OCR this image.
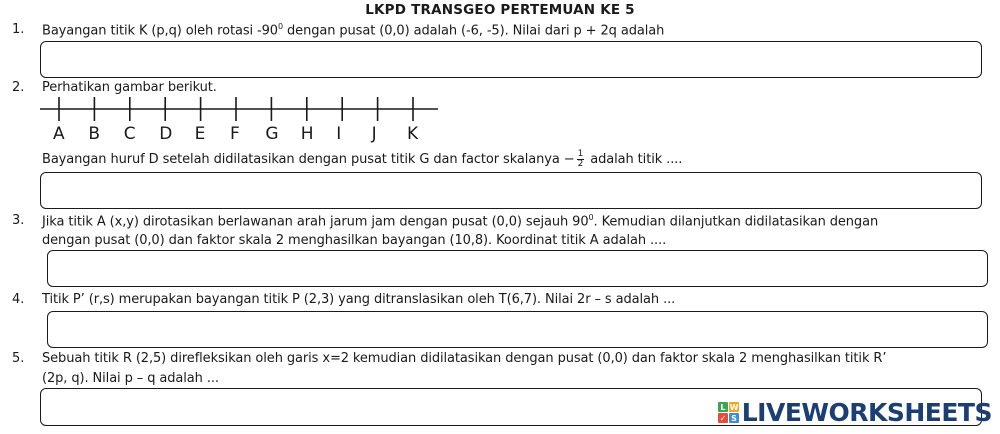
LKPD TRANSGEO PERTEMUAN KE 5
1. Bayangan titik K (p,q) oleh rotasi $-90^0$ dengan pusat (0,0) adalah (-6, -5). Nilai dari p + 2q adalah
2. Perhatikan gambar berikut.
A B C D E F G H I J K
Bayangan huruf D setelah didilatasikan dengan pusat titik G dan factor skalanya − $\frac{1}{2}$ adalah titik ....
3. Jika titik A (x,y) dirotasikan berlawanan arah jarum jam dengan pusat (0,0) sejauh $90^0$. Kemudian dilanjutkan didilatasikan dengan
dengan pusat (0,0) dan faktor skala 2 menghasilkan bayangan (10,8). Koordinat titik A adalah ....
4. Titik P’ (r,s) merupakan bayangan titik P (2,3) yang ditranslasikan oleh T(6,7). Nilai 2r – s adalah ...
5. Sebuah titik R (2,5) direfleksikan oleh garis x=2 kemudian didilatasikan dengan pusat (0,0) dan faktor skala 2 menghasilkan titik R’
(2p, q). Nilai p – q adalah ...
L W
✓ S LIVEWORKSHEETS
